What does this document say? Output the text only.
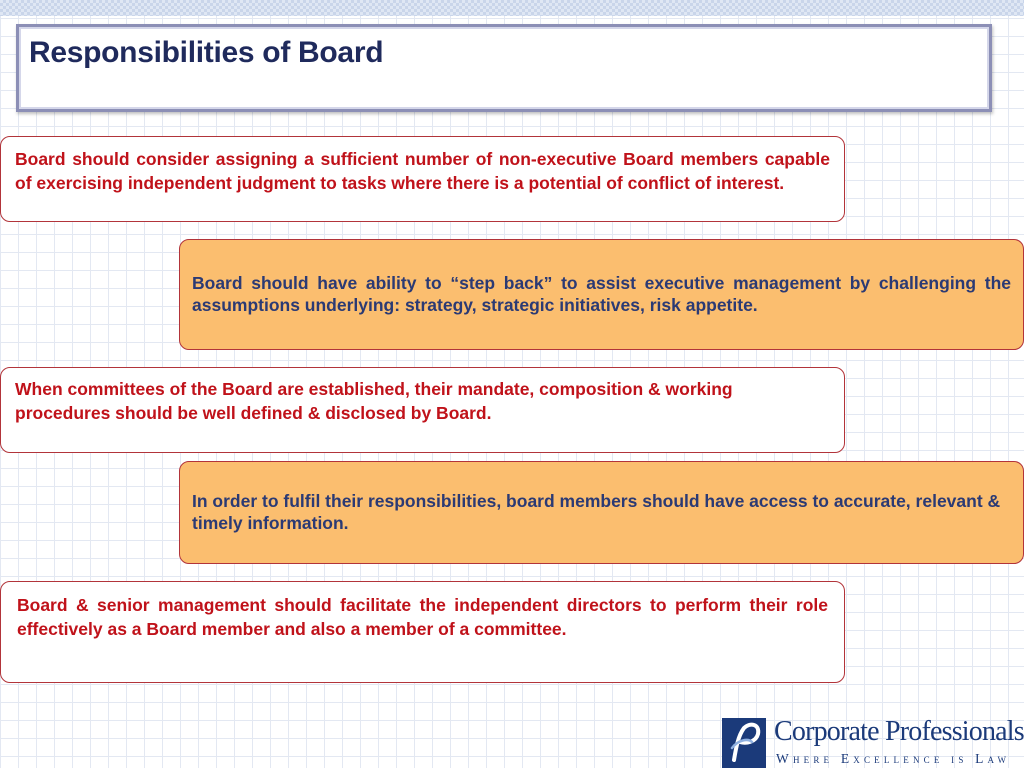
Responsibilities of Board
Board should consider assigning a sufficient number of non-executive Board members capable of exercising independent judgment to tasks where there is a potential of conflict of interest.
Board should have ability to “step back” to assist executive management by challenging the assumptions underlying: strategy, strategic initiatives, risk appetite.
When committees of the Board are established, their mandate, composition & working procedures should be well defined & disclosed by Board.
In order to fulfil their responsibilities, board members should have access to accurate, relevant & timely information.
Board & senior management should facilitate the independent directors to perform their role effectively as a Board member and also a member of a committee.
Corporate Professionals
Where Excellence is Law
